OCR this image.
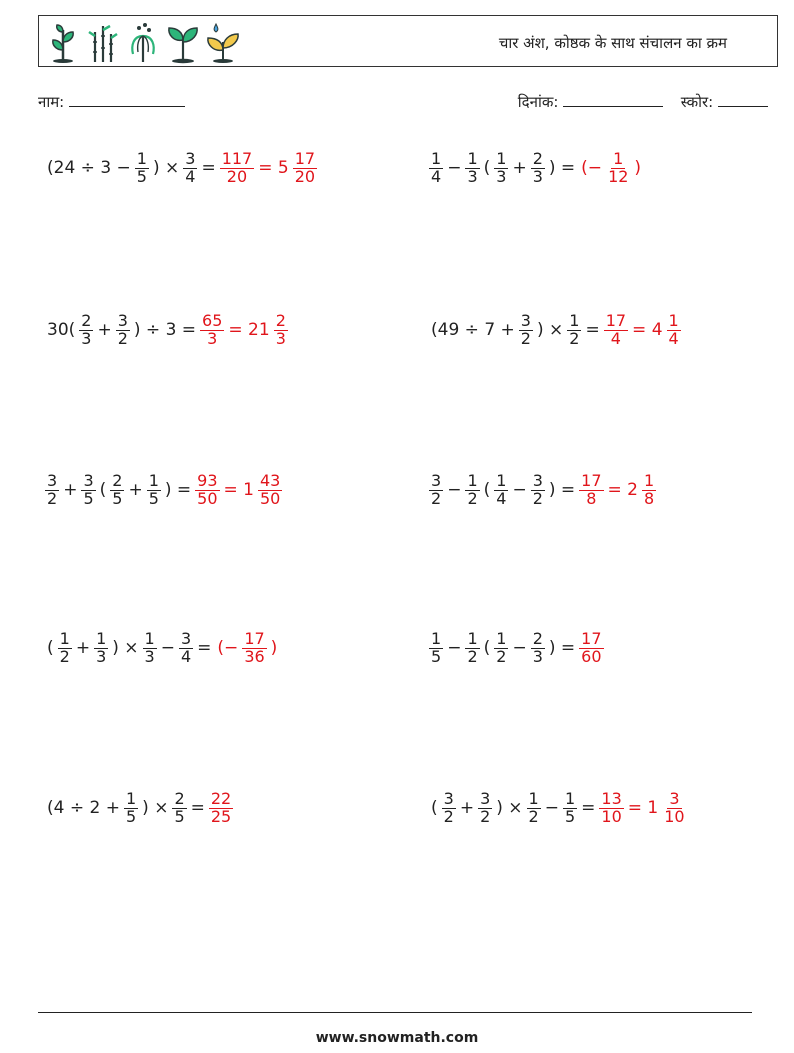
चार अंश, कोष्ठक के साथ संचालन का क्रम
नाम:	दिनांक:	स्कोर:
($24 \div 3 - \frac{1}{5}$ ) × $\frac{3}{4} = \frac{117}{20} = 5 \frac{17}{20}$	$\frac{1}{4} - \frac{1}{3}$ ( $\frac{1}{3} + \frac{2}{3}$ ) = (− $\frac{1}{12}$ )
$30( \frac{2}{3} + \frac{3}{2}$ ) ÷ $3 = \frac{65}{3} = 21 \frac{2}{3}$	($49 \div 7 + \frac{3}{2}$ ) × $\frac{1}{2} = \frac{17}{4} = 4 \frac{1}{4}$
$\frac{3}{2} + \frac{3}{5}$ ( $\frac{2}{5} + \frac{1}{5}$ ) = $\frac{93}{50} = 1 \frac{43}{50}$	$\frac{3}{2} - \frac{1}{2}$ ( $\frac{1}{4} - \frac{3}{2}$ ) = $\frac{17}{8} = 2 \frac{1}{8}$
( $\frac{1}{2} + \frac{1}{3}$ ) × $\frac{1}{3} - \frac{3}{4}$ = (− $\frac{17}{36}$ )	$\frac{1}{5} - \frac{1}{2}$ ( $\frac{1}{2} - \frac{2}{3}$ ) = $\frac{17}{60}$
($4 \div 2 + \frac{1}{5}$ ) × $\frac{2}{5} = \frac{22}{25}$	( $\frac{3}{2} + \frac{3}{2}$ ) × $\frac{1}{2} - \frac{1}{5} = \frac{13}{10} = 1 \frac{3}{10}$
www.snowmath.com
